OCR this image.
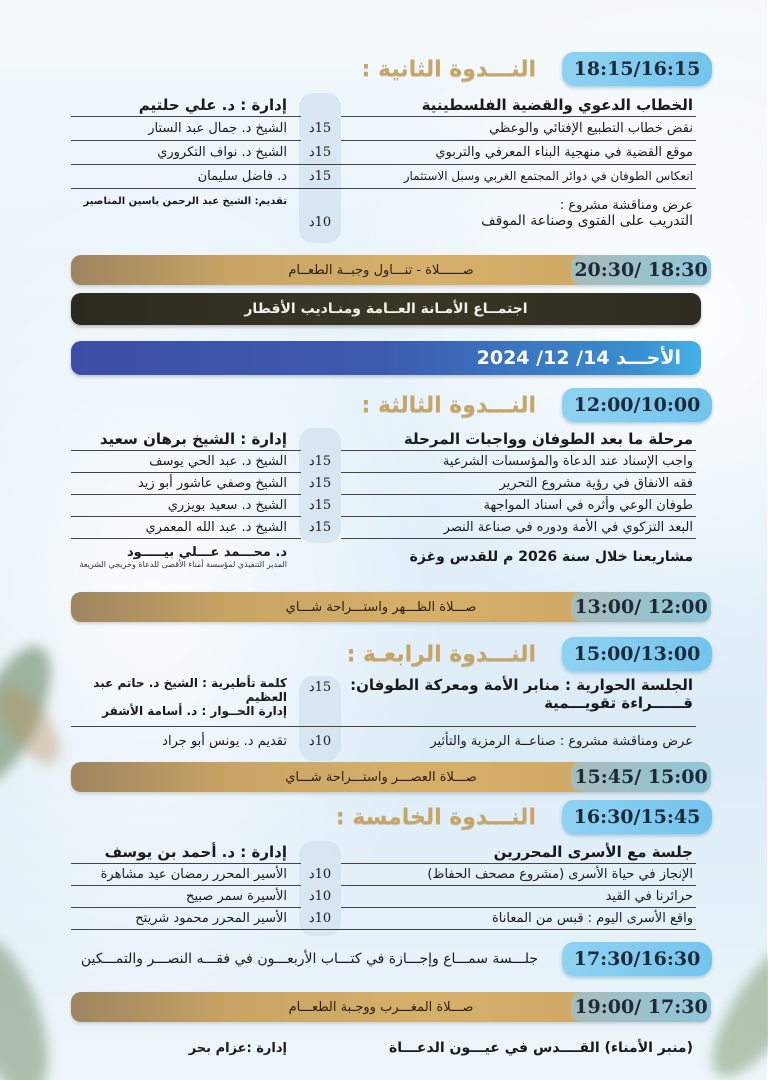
18:15/16:15
النـــدوة الثانية :
الخطاب الدعوي والقضية الفلسطينية
إدارة : د. علي حلتيم
نقض خطاب التطبيع الإفتائي والوعظي
15د
الشيخ د. جمال عبد الستار
موقع القضية في منهجية البناء المعرفي والتربوي
15د
الشيخ د. نواف التكروري
انعكاس الطوفان في دوائر المجتمع الغربي وسبل الاستثمار
15د
د. فاضل سليمان
عرض ومناقشة مشروع :
التدريب على الفتوى وصناعة الموقف
10د
تقديم: الشيخ عبد الرحمن ياسين المناصير
20:30/ 18:30
صــــــلاة - تنـــاول وجبــة الطعــام
اجتمــاع الأمـانة العــامة ومنـاديب الأقطار
الأحـــد 14/ 12/ 2024
12:00/10:00
النـــدوة الثالثة :
مرحلة ما بعد الطوفان وواجبات المرحلة
إدارة : الشيخ برهان سعيد
واجب الإسناد عند الدعاة والمؤسسات الشرعية
15د
الشيخ د. عبد الحي يوسف
فقه الانفاق في رؤية مشروع التحرير
15د
الشيخ وصفي عاشور أبو زيد
طوفان الوعي وأثره في اسناد المواجهة
15د
الشيخ د. سعيد بويزري
البعد التزكوي في الأمة ودوره في صناعة النصر
15د
الشيخ د. عبد الله المعمري
مشاريعنا خلال سنة 2026 م للقدس وغزة
د. محـــمد عـــلي بيـــــود
المدير التنفيذي لمؤسسة أمناء الأقصى للدعاة وخريجي الشريعة
13:00/ 12:00
صـــلاة الظـــهر واستـــراحة شـــاي
15:00/13:00
النـــدوة الرابعـة :
الجلسة الحوارية : منابر الأمة ومعركة الطوفان:
قــــــراءة تقويـــمية
15د
كلمة تأطيرية : الشيخ د. حاتم عبد العظيم
إدارة الحــوار : د. أسامة الأشقر
عرض ومناقشة مشروع : صناعــة الرمزية والتأثير
10د
تقديم د. يونس أبو جراد
15:45/ 15:00
صـــلاة العصـــر واستـــراحة شـــاي
16:30/15:45
النـــدوة الخامسة :
جلسة مع الأسرى المحررين
إدارة : د. أحمد بن يوسف
الإنجاز في حياة الأسرى (مشروع مصحف الحفاظ)
10د
الأسير المحرر رمضان عيد مشاهرة
حرائرنا في القيد
10د
الأسيرة سمر صبيح
واقع الأسرى اليوم : قبس من المعاناة
10د
الأسير المحرر محمود شريتح
17:30/16:30
جلـــسة سمـــاع وإجـــازة في كتـــاب الأربعـــون في فقـــه النصـــر والتمـــكين
19:00/ 17:30
صـــلاة المغـــرب ووجـبة الطعـــام
(منبر الأمناء) القــــدس في عيـــون الدعـــاة
إدارة :عزام بحر
